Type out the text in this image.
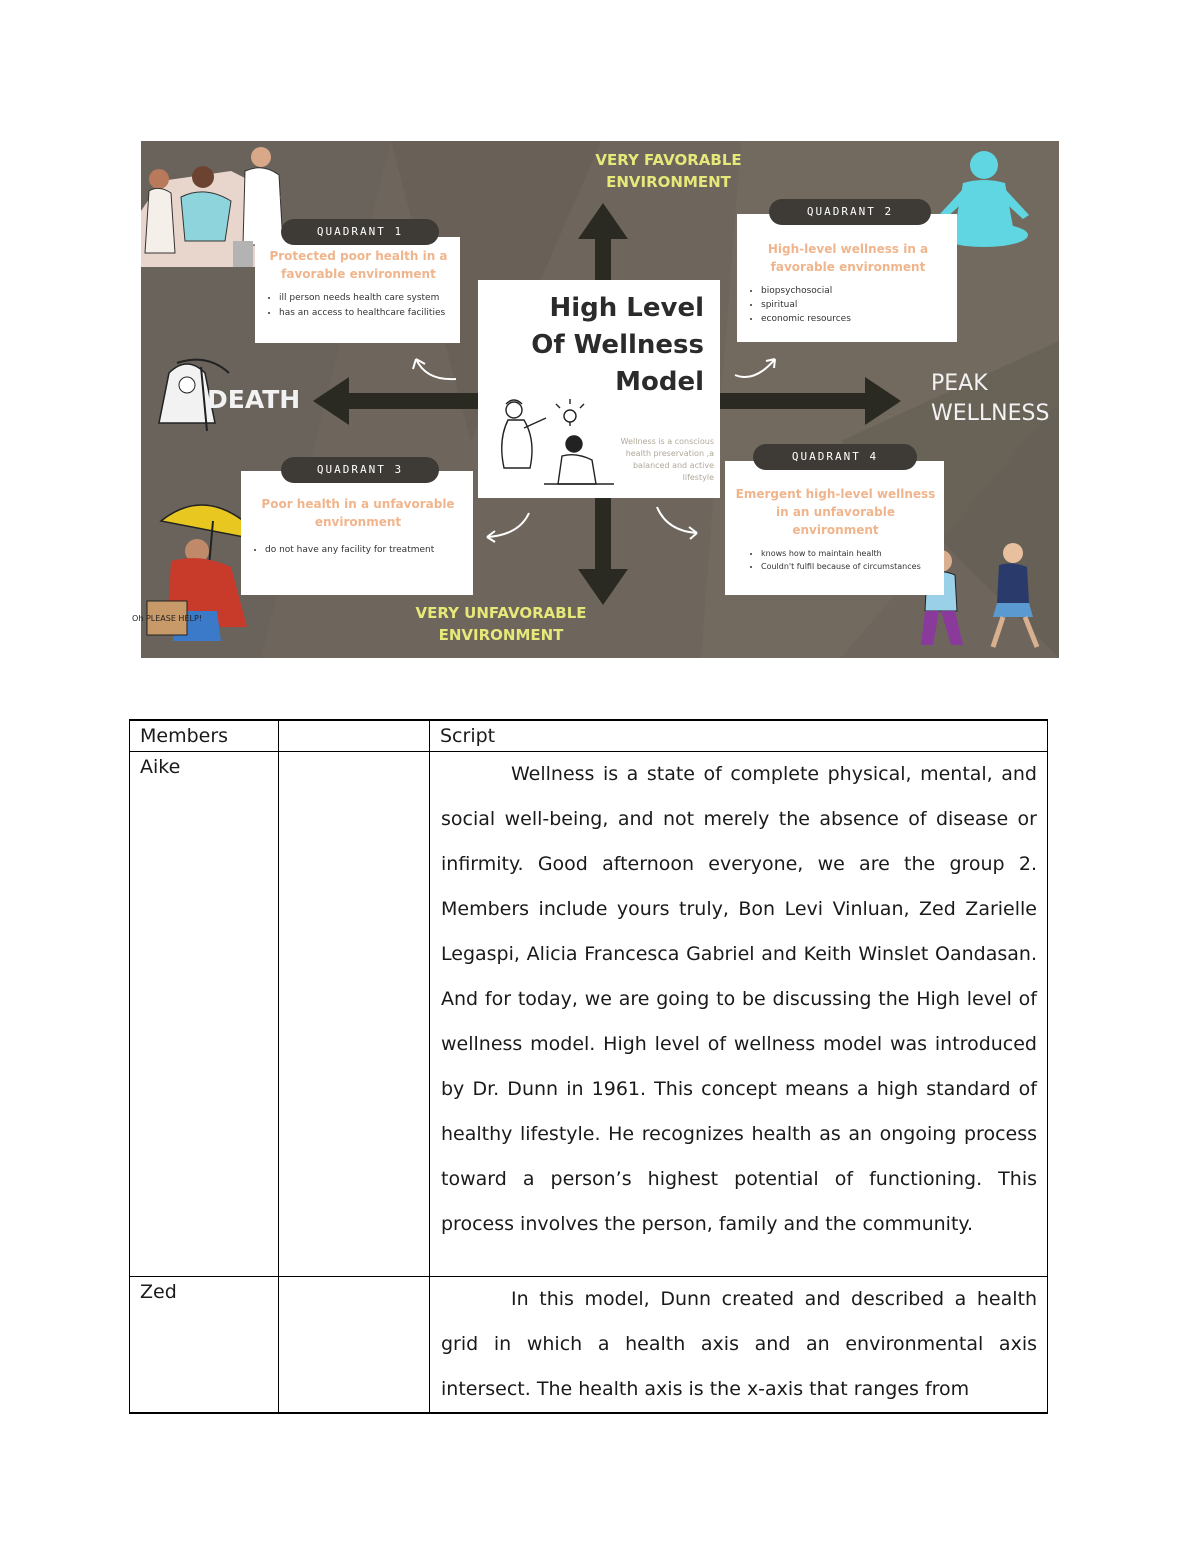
Oh PLEASE HELP!
VERY FAVORABLE ENVIRONMENT
VERY UNFAVORABLE ENVIRONMENT
DEATH
PEAK
WELLNESS
High Level
Of Wellness
Model
Wellness is a conscious health preservation ,a balanced and active lifestyle
Protected poor health in a favorable environment
• ill person needs health care system
• has an access to healthcare facilities
QUADRANT 1
High-level wellness in a favorable environment
• biopsychosocial
• spiritual
• economic resources
QUADRANT 2
Poor health in a unfavorable environment
• do not have any facility for treatment
QUADRANT 3
Emergent high-level wellness in an unfavorable environment
• knows how to maintain health
• Couldn't fulfil because of circumstances
QUADRANT 4
Members		Script
Aike		Wellness is a state of complete physical, mental, and social well-being, and not merely the absence of disease or infirmity. Good afternoon everyone, we are the group 2. Members include yours truly, Bon Levi Vinluan, Zed Zarielle Legaspi, Alicia Francesca Gabriel and Keith Winslet Oandasan. And for today, we are going to be discussing the High level of wellness model. High level of wellness model was introduced by Dr. Dunn in 1961. This concept means a high standard of healthy lifestyle. He recognizes health as an ongoing process toward a person’s highest potential of functioning. This process involves the person, family and the community.

Zed		In this model, Dunn created and described a health grid in which a health axis and an environmental axis intersect. The health axis is the x-axis that ranges from
